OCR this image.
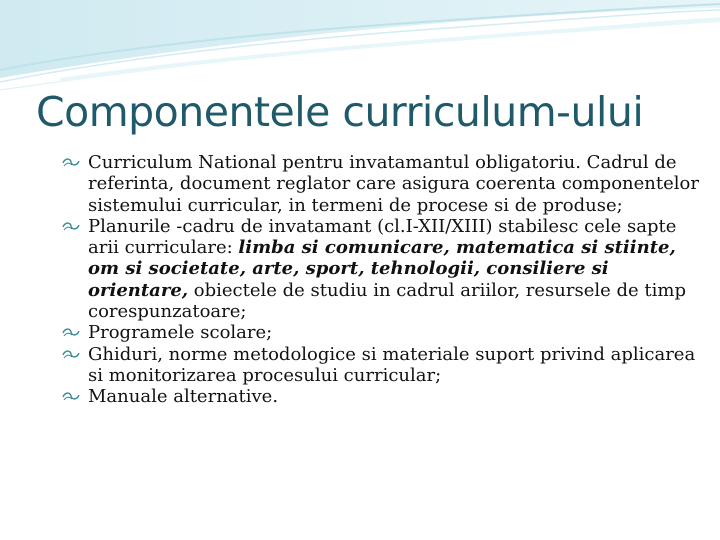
Componentele curriculum-ului
Curriculum National pentru invatamantul obligatoriu. Cadrul de referinta, document reglator care asigura coerenta componentelor sistemului curricular, in termeni de procese si de produse;
Planurile -cadru de invatamant (cl.I-XII/XIII) stabilesc cele sapte arii curriculare: limba si comunicare, matematica si stiinte, om si societate, arte, sport, tehnologii, consiliere si orientare, obiectele de studiu in cadrul ariilor, resursele de timp corespunzatoare;
Programele scolare;
Ghiduri, norme metodologice si materiale suport privind aplicarea si monitorizarea procesului curricular;
Manuale alternative.
